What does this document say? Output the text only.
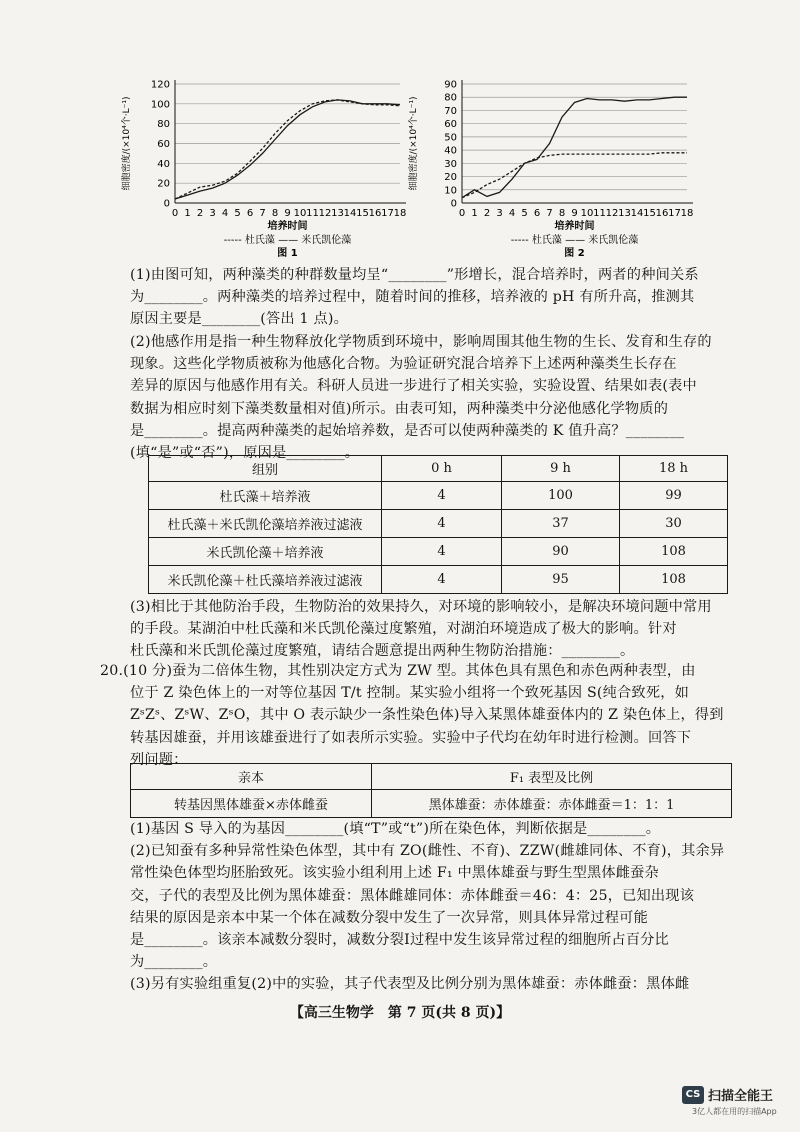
细胞密度/(×10⁴个·L⁻¹)
0
20
40
60
80
100
120
0 1 2 3 4 5 6 7 8 9 10 11 12 13 14 15 16 17 18
培养时间
----- 杜氏藻 —— 米氏凯伦藻
图 1
细胞密度/(×10⁴个·L⁻¹)
0
10
20
30
40
50
60
70
80
90
0 1 2 3 4 5 6 7 8 9 10 11 12 13 14 15 16 17 18
培养时间
----- 杜氏藻 —— 米氏凯伦藻
图 2
(1)由图可知，两种藻类的种群数量均呈“________”形增长，混合培养时，两者的种间关系
为________。两种藻类的培养过程中，随着时间的推移，培养液的 pH 有所升高，推测其
原因主要是________(答出 1 点)。
(2)他感作用是指一种生物释放化学物质到环境中，影响周围其他生物的生长、发育和生存的
现象。这些化学物质被称为他感化合物。为验证研究混合培养下上述两种藻类生长存在
差异的原因与他感作用有关。科研人员进一步进行了相关实验，实验设置、结果如表(表中
数据为相应时刻下藻类数量相对值)所示。由表可知，两种藻类中分泌他感化学物质的
是________。提高两种藻类的起始培养数，是否可以使两种藻类的 K 值升高？________
(填“是”或“否”)，原因是________。
组别	0 h	9 h	18 h
杜氏藻＋培养液	4	100	99
杜氏藻＋米氏凯伦藻培养液过滤液	4	37	30
米氏凯伦藻＋培养液	4	90	108
米氏凯伦藻＋杜氏藻培养液过滤液	4	95	108
(3)相比于其他防治手段，生物防治的效果持久，对环境的影响较小，是解决环境问题中常用
的手段。某湖泊中杜氏藻和米氏凯伦藻过度繁殖，对湖泊环境造成了极大的影响。针对
杜氏藻和米氏凯伦藻过度繁殖，请结合题意提出两种生物防治措施：________。
20.(10 分)蚕为二倍体生物，其性别决定方式为 ZW 型。其体色具有黑色和赤色两种表型，由
位于 Z 染色体上的一对等位基因 T/t 控制。某实验小组将一个致死基因 S(纯合致死，如
ZˢZˢ、ZˢW、ZˢO，其中 O 表示缺少一条性染色体)导入某黑体雄蚕体内的 Z 染色体上，得到
转基因雄蚕，并用该雄蚕进行了如表所示实验。实验中子代均在幼年时进行检测。回答下
列问题：
亲本	F₁ 表型及比例
转基因黑体雄蚕×赤体雌蚕	黑体雄蚕：赤体雄蚕：赤体雌蚕＝1：1：1
(1)基因 S 导入的为基因________(填“T”或“t”)所在染色体，判断依据是________。
(2)已知蚕有多种异常性染色体型，其中有 ZO(雌性、不育)、ZZW(雌雄同体、不育)，其余异
常性染色体型均胚胎致死。该实验小组利用上述 F₁ 中黑体雄蚕与野生型黑体雌蚕杂
交，子代的表型及比例为黑体雄蚕：黑体雌雄同体：赤体雌蚕＝46：4：25，已知出现该
结果的原因是亲本中某一个体在减数分裂中发生了一次异常，则具体异常过程可能
是________。该亲本减数分裂时，减数分裂Ⅰ过程中发生该异常过程的细胞所占百分比
为________。
(3)另有实验组重复(2)中的实验，其子代表型及比例分别为黑体雄蚕：赤体雌蚕：黑体雌
【高三生物学　第 7 页(共 8 页)】
CS 扫描全能王
3亿人都在用的扫描App
